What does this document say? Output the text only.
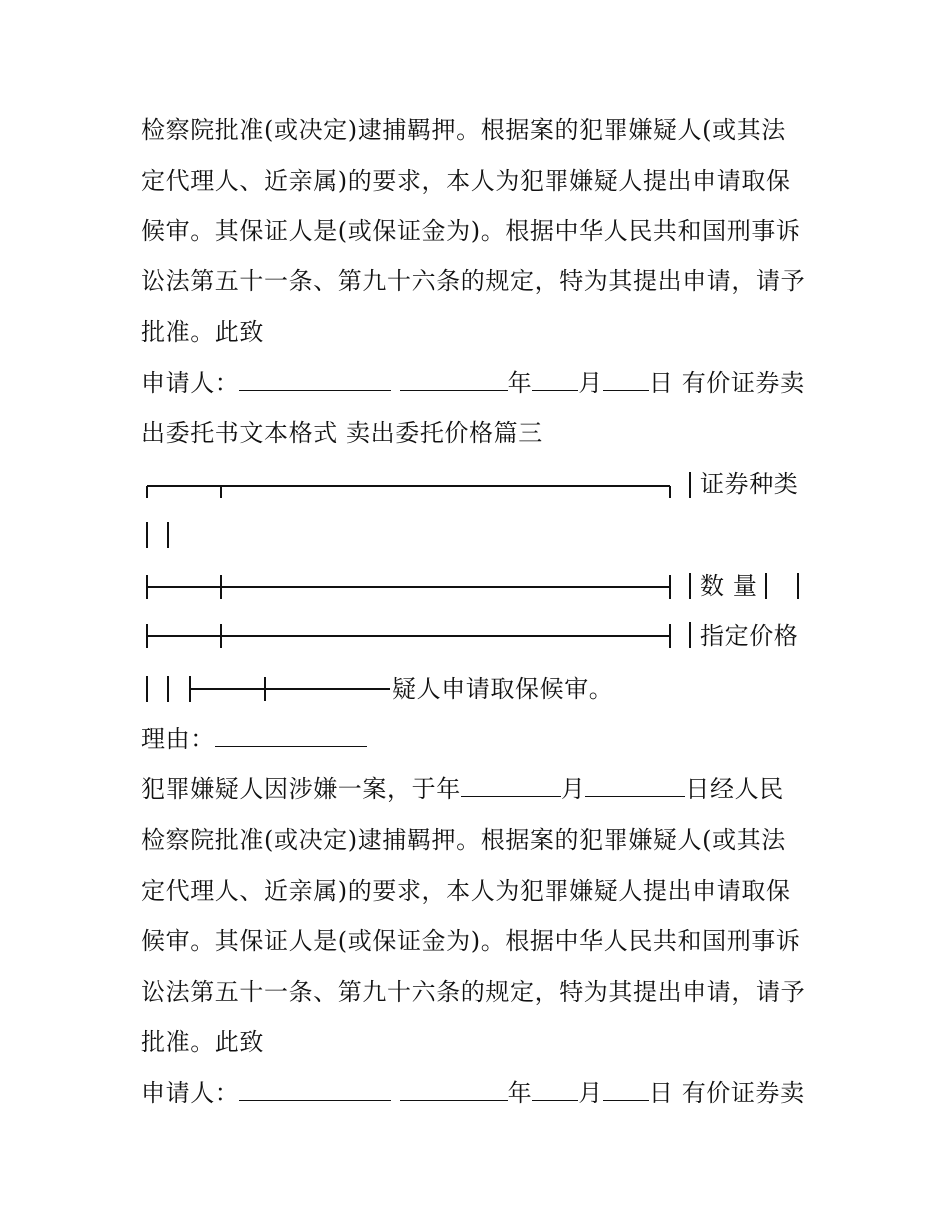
检察院批准(或决定)逮捕羁押。根据案的犯罪嫌疑人(或其法
定代理人、近亲属)的要求，本人为犯罪嫌疑人提出申请取保
候审。其保证人是(或保证金为)。根据中华人民共和国刑事诉
讼法第五十一条、第九十六条的规定，特为其提出申请，请予
批准。此致
申请人：	年 月 日 有价证券卖
出委托书文本格式 卖出委托价格篇三
证券种类
数 量
指定价格
疑人申请取保候审。
理由：
犯罪嫌疑人因涉嫌一案，于年	月	日经人民
检察院批准(或决定)逮捕羁押。根据案的犯罪嫌疑人(或其法
定代理人、近亲属)的要求，本人为犯罪嫌疑人提出申请取保
候审。其保证人是(或保证金为)。根据中华人民共和国刑事诉
讼法第五十一条、第九十六条的规定，特为其提出申请，请予
批准。此致
申请人：	年 月 日 有价证券卖
